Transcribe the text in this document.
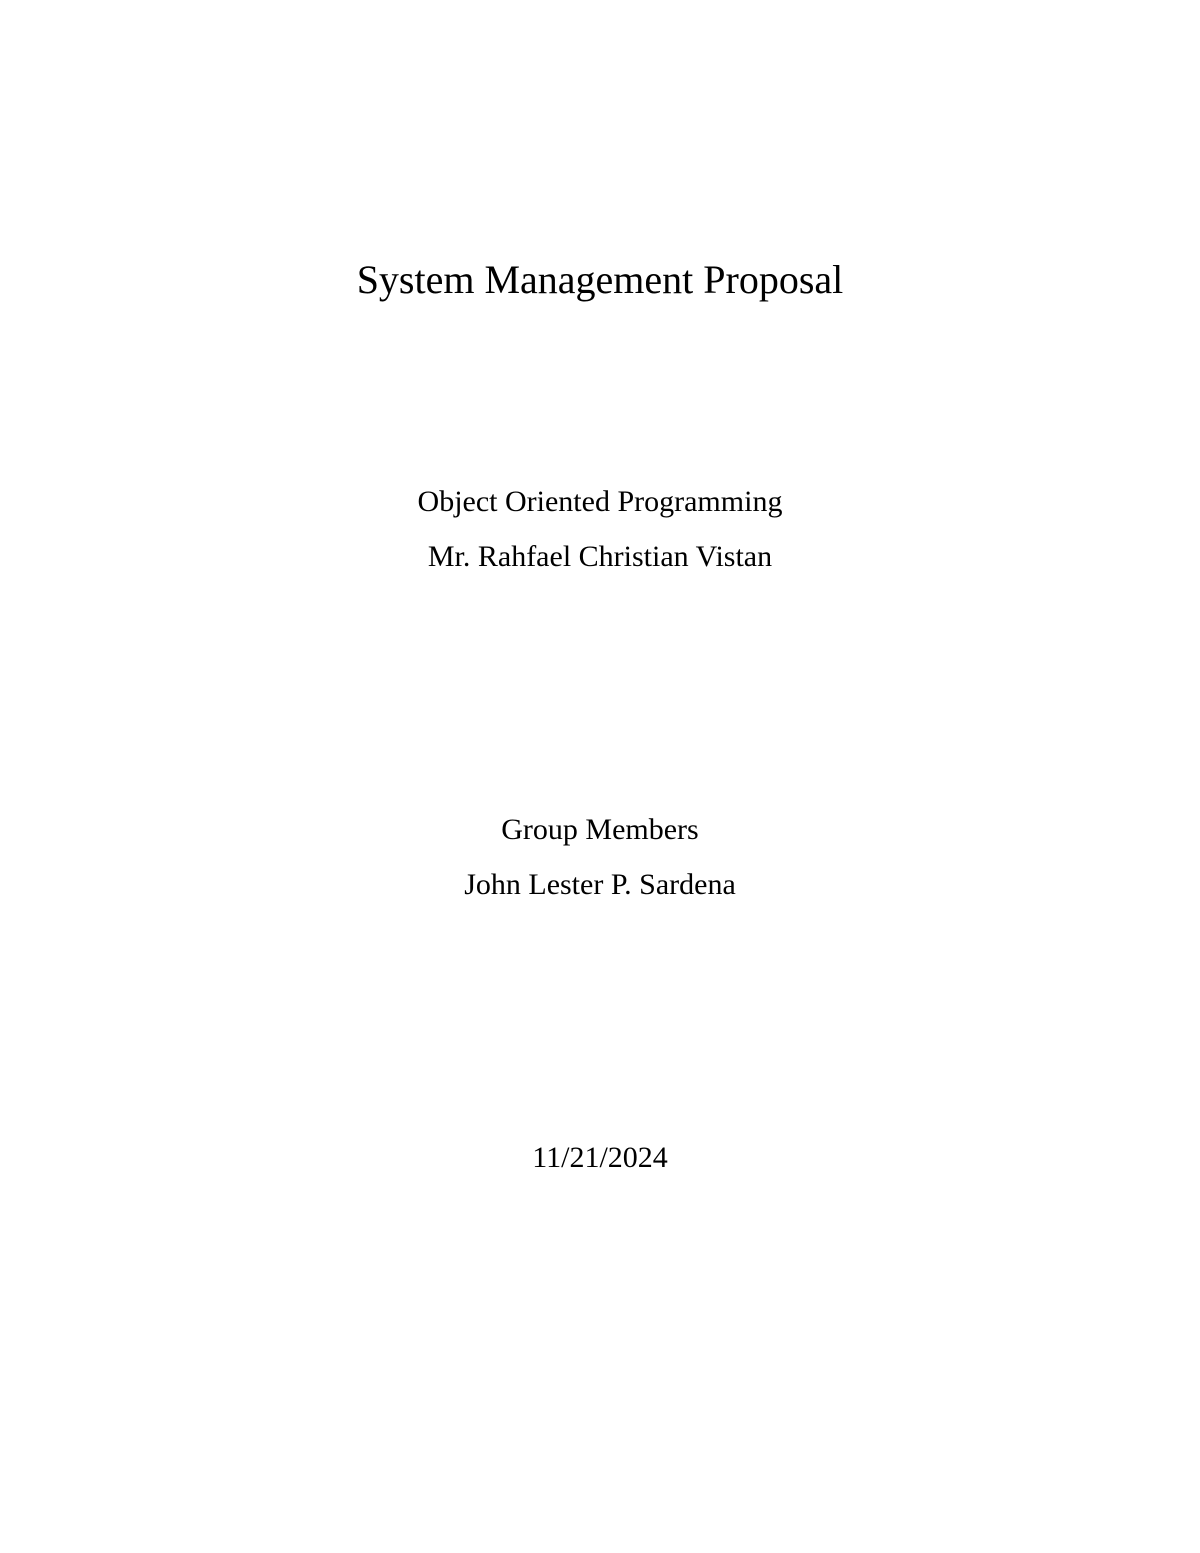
System Management Proposal
Object Oriented Programming
Mr. Rahfael Christian Vistan
Group Members
John Lester P. Sardena
11/21/2024
